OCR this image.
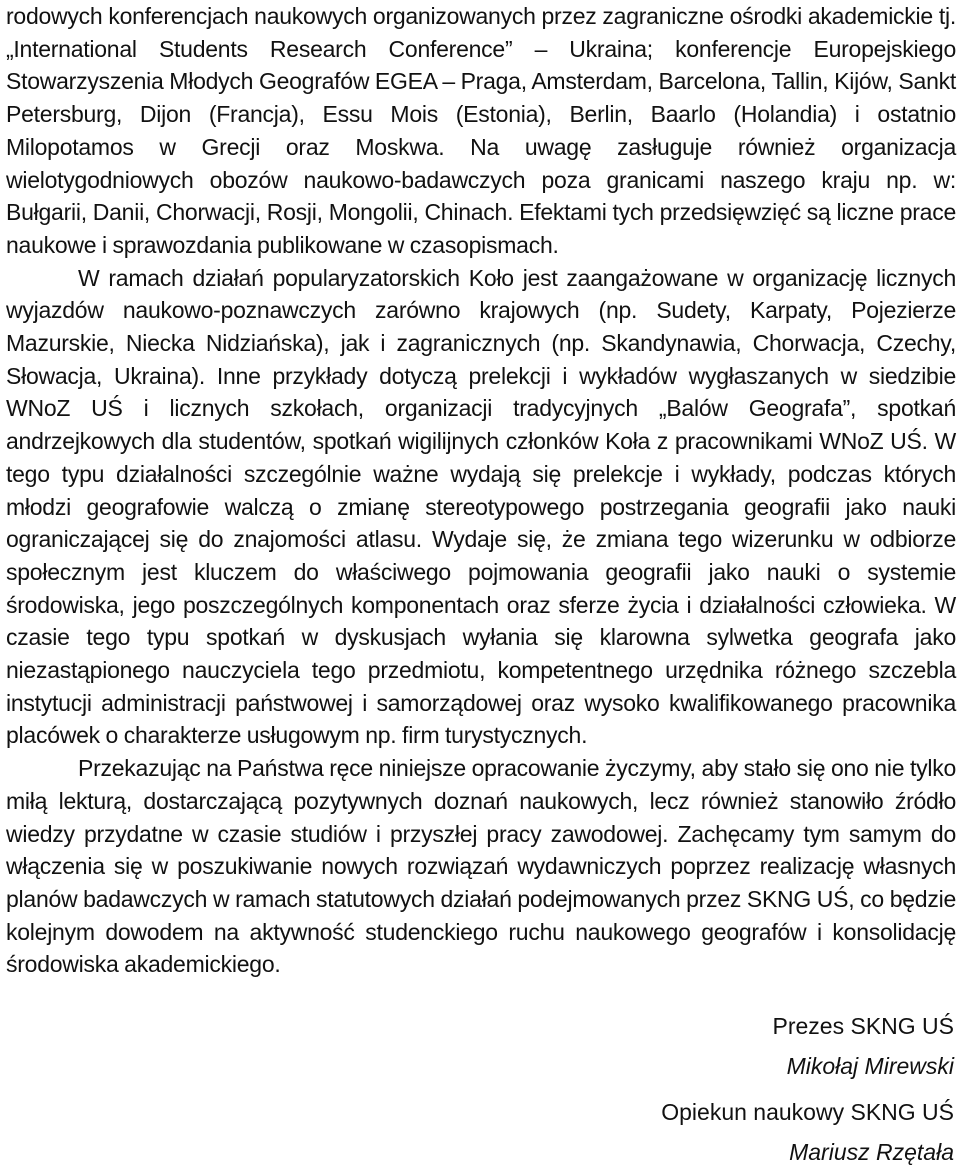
rodowych konferencjach naukowych organizowanych przez zagraniczne ośrodki akademickie tj. „International Students Research Conference” – Ukraina; konferencje Europejskiego Stowarzyszenia Młodych Geografów EGEA – Praga, Amsterdam, Barcelona, Tallin, Kijów, Sankt Petersburg, Dijon (Francja), Essu Mois (Estonia), Berlin, Baarlo (Holandia) i ostatnio Milopotamos w Grecji oraz Moskwa. Na uwagę zasługuje również organizacja wielotygodniowych obozów naukowo-badawczych poza granicami naszego kraju np. w: Bułgarii, Danii, Chorwacji, Rosji, Mongolii, Chinach. Efektami tych przedsięwzięć są liczne prace naukowe i sprawozdania publikowane w czasopismach.

W ramach działań popularyzatorskich Koło jest zaangażowane w organizację licznych wyjazdów naukowo-poznawczych zarówno krajowych (np. Sudety, Karpaty, Pojezierze Mazurskie, Niecka Nidziańska), jak i zagranicznych (np. Skandynawia, Chorwacja, Czechy, Słowacja, Ukraina). Inne przykłady dotyczą prelekcji i wykładów wygłaszanych w siedzibie WNoZ UŚ i licznych szkołach, organizacji tradycyjnych „Balów Geografa”, spotkań andrzejkowych dla studentów, spotkań wigilijnych członków Koła z pracownikami WNoZ UŚ. W tego typu działalności szczególnie ważne wydają się prelekcje i wykłady, podczas których młodzi geografowie walczą o zmianę stereotypowego postrzegania geografii jako nauki ograniczającej się do znajomości atlasu. Wydaje się, że zmiana tego wizerunku w odbiorze społecznym jest kluczem do właściwego pojmowania geografii jako nauki o systemie środowiska, jego poszczególnych komponentach oraz sferze życia i działalności człowieka. W czasie tego typu spotkań w dyskusjach wyłania się klarowna sylwetka geografa jako niezastąpionego nauczyciela tego przedmiotu, kompetentnego urzędnika różnego szczebla instytucji administracji państwowej i samorządowej oraz wysoko kwalifikowanego pracownika placówek o charakterze usługowym np. firm turystycznych.

Przekazując na Państwa ręce niniejsze opracowanie życzymy, aby stało się ono nie tylko miłą lekturą, dostarczającą pozytywnych doznań naukowych, lecz również stanowiło źródło wiedzy przydatne w czasie studiów i przyszłej pracy zawodowej. Zachęcamy tym samym do włączenia się w poszukiwanie nowych rozwiązań wydawniczych poprzez realizację własnych planów badawczych w ramach statutowych działań podejmowanych przez SKNG UŚ, co będzie kolejnym dowodem na aktywność studenckiego ruchu naukowego geografów i konsolidację środowiska akademickiego.

Prezes SKNG UŚ
Mikołaj Mirewski
Opiekun naukowy SKNG UŚ
Mariusz Rzętała
